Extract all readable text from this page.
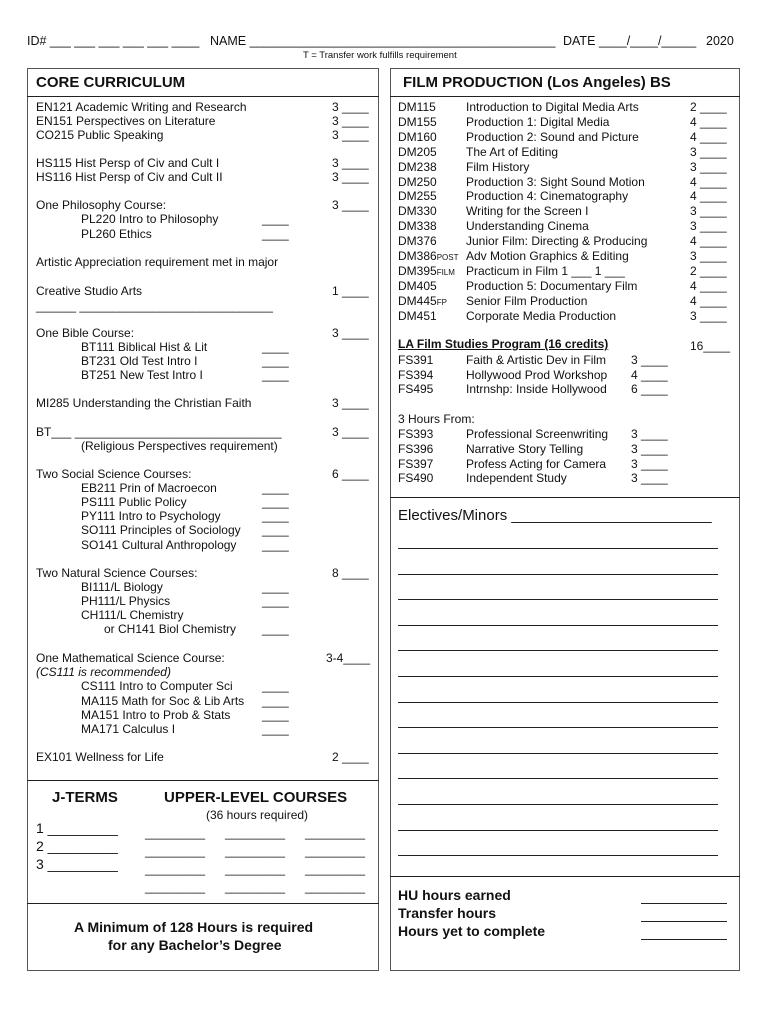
ID# ___ ___ ___ ___ ___ ____ NAME ____________________________________________ DATE ____/____/_____ 2020
T = Transfer work fulfills requirement
CORE CURRICULUM
EN121 Academic Writing and Research	3 ____
EN151 Perspectives on Literature	3 ____
CO215 Public Speaking	3 ____
HS115 Hist Persp of Civ and Cult I	3 ____
HS116 Hist Persp of Civ and Cult II	3 ____
One Philosophy Course:	3 ____
PL220 Intro to Philosophy	____
PL260 Ethics	____
Artistic Appreciation requirement met in major
Creative Studio Arts	1 ____
______ _____________________________
One Bible Course:	3 ____
BT111 Biblical Hist & Lit	____
BT231 Old Test Intro I	____
BT251 New Test Intro I	____
MI285 Understanding the Christian Faith	3 ____
BT___ _______________________________	3 ____
(Religious Perspectives requirement)
Two Social Science Courses:	6 ____
EB211 Prin of Macroecon	____
PS111 Public Policy	____
PY111 Intro to Psychology	____
SO111 Principles of Sociology ____
SO141 Cultural Anthropology ____
Two Natural Science Courses:	8 ____
BI111/L Biology	____
PH111/L Physics	____
CH111/L Chemistry
or CH141 Biol Chemistry ____
One Mathematical Science Course:	3-4____
(CS111 is recommended)
CS111 Intro to Computer Sci ____
MA115 Math for Soc & Lib Arts ____
MA151 Intro to Prob & Stats	____
MA171 Calculus I	____
EX101 Wellness for Life	2 ____
J-TERMS
1 _________
2 _________
3 _________
UPPER-LEVEL COURSES
(36 hours required)
_________ _________ _________
_________ _________ _________
_________ _________ _________
_________ _________ _________
A Minimum of 128 Hours is required
for any Bachelor’s Degree
FILM PRODUCTION (Los Angeles) BS
DM115	Introduction to Digital Media Arts	2 ____
DM155 Production 1: Digital Media	4 ____
DM160 Production 2: Sound and Picture	4 ____
DM205 The Art of Editing	3 ____
DM238 Film History	3 ____
DM250 Production 3: Sight Sound Motion	4 ____
DM255 Production 4: Cinematography	4 ____
DM330 Writing for the Screen I	3 ____
DM338 Understanding Cinema	3 ____
DM376 Junior Film: Directing & Producing	4 ____
DM386POST Adv Motion Graphics & Editing	3 ____
DM395FILM Practicum in Film 1 ___ 1 ___	2 ____
DM405 Production 5: Documentary Film	4 ____
DM445FP Senior Film Production	4 ____
DM451 Corporate Media Production	3 ____
LA Film Studies Program (16 credits)	16____
FS391	Faith & Artistic Dev in Film 3 ____
FS394	Hollywood Prod Workshop 4 ____
FS495	Intrnshp: Inside Hollywood 6 ____
3 Hours From:
FS393	Professional Screenwriting 3 ____
FS396	Narrative Story Telling	3 ____
FS397	Profess Acting for Camera 3 ____
FS490	Independent Study	3 ____
Electives/Minors ________________________
HU hours earned
Transfer hours
Hours yet to complete
